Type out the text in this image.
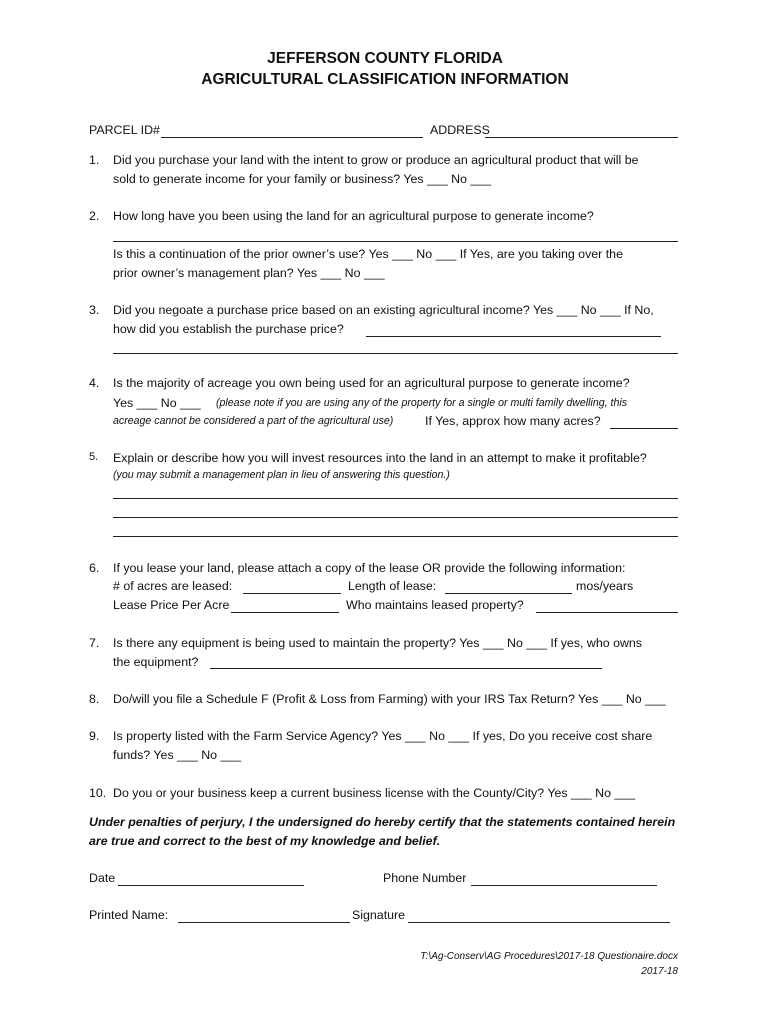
JEFFERSON COUNTY FLORIDA
AGRICULTURAL CLASSIFICATION INFORMATION
PARCEL ID#	ADDRESS
1. Did you purchase your land with the intent to grow or produce an agricultural product that will be
sold to generate income for your family or business? Yes ___ No ___
2. How long have you been using the land for an agricultural purpose to generate income?
Is this a continuation of the prior owner’s use? Yes ___ No ___ If Yes, are you taking over the
prior owner’s management plan? Yes ___ No ___
3. Did you negoate a purchase price based on an existing agricultural income? Yes ___ No ___ If No,
how did you establish the purchase price?
4. Is the majority of acreage you own being used for an agricultural purpose to generate income?
Yes ___ No ___ (please note if you are using any of the property for a single or multi family dwelling, this
acreage cannot be considered a part of the agricultural use)	If Yes, approx how many acres?
5. Explain or describe how you will invest resources into the land in an attempt to make it profitable?
(you may submit a management plan in lieu of answering this question.)
6. If you lease your land, please attach a copy of the lease OR provide the following information:
# of acres are leased:	Length of lease:	mos/years
Lease Price Per Acre	Who maintains leased property?
7. Is there any equipment is being used to maintain the property? Yes ___ No ___ If yes, who owns
the equipment?
8. Do/will you file a Schedule F (Profit & Loss from Farming) with your IRS Tax Return? Yes ___ No ___
9. Is property listed with the Farm Service Agency? Yes ___ No ___ If yes, Do you receive cost share
funds? Yes ___ No ___
10. Do you or your business keep a current business license with the County/City? Yes ___ No ___
Under penalties of perjury, I the undersigned do hereby certify that the statements contained herein
are true and correct to the best of my knowledge and belief.
Date	Phone Number
Printed Name:	Signature
T:\Ag-Conserv\AG Procedures\2017-18 Questionaire.docx
2017-18
